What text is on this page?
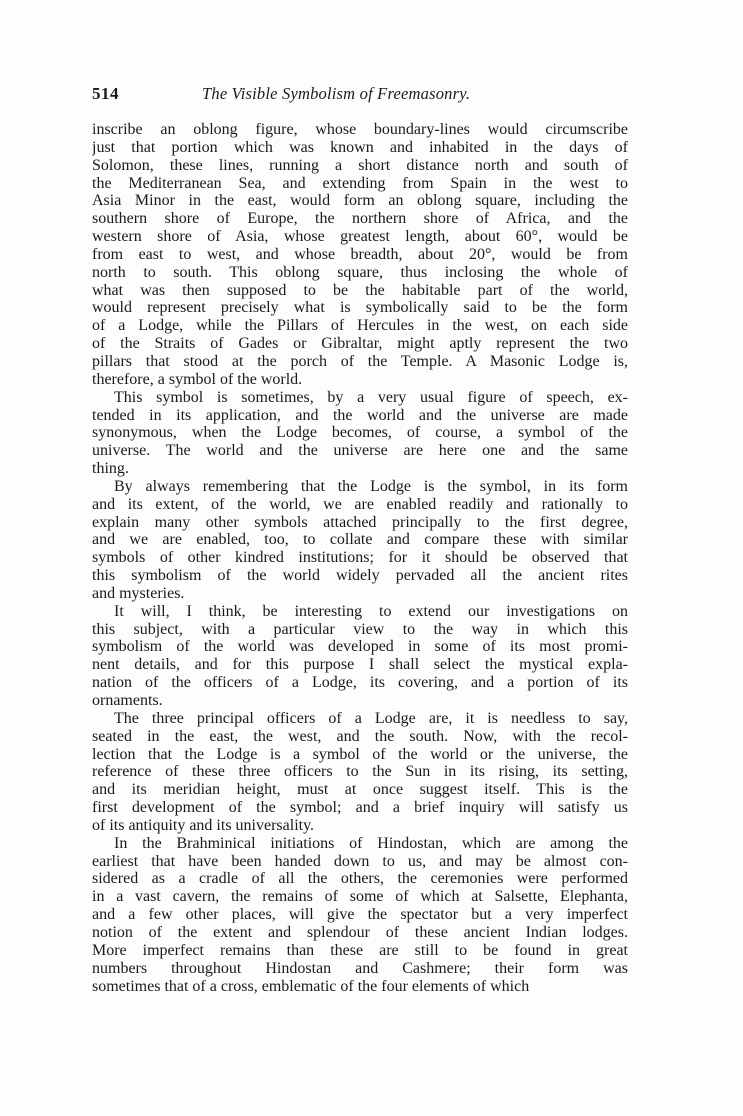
514	The Visible Symbolism of Freemasonry.
inscribe an oblong figure, whose boundary-lines would circumscribe
just that portion which was known and inhabited in the days of
Solomon, these lines, running a short distance north and south of
the Mediterranean Sea, and extending from Spain in the west to
Asia Minor in the east, would form an oblong square, including the
southern shore of Europe, the northern shore of Africa, and the
western shore of Asia, whose greatest length, about 60°, would be
from east to west, and whose breadth, about 20°, would be from
north to south. This oblong square, thus inclosing the whole of
what was then supposed to be the habitable part of the world,
would represent precisely what is symbolically said to be the form
of a Lodge, while the Pillars of Hercules in the west, on each side
of the Straits of Gades or Gibraltar, might aptly represent the two
pillars that stood at the porch of the Temple. A Masonic Lodge is,
therefore, a symbol of the world.
This symbol is sometimes, by a very usual figure of speech, ex-
tended in its application, and the world and the universe are made
synonymous, when the Lodge becomes, of course, a symbol of the
universe. The world and the universe are here one and the same
thing.
By always remembering that the Lodge is the symbol, in its form
and its extent, of the world, we are enabled readily and rationally to
explain many other symbols attached principally to the first degree,
and we are enabled, too, to collate and compare these with similar
symbols of other kindred institutions; for it should be observed that
this symbolism of the world widely pervaded all the ancient rites
and mysteries.
It will, I think, be interesting to extend our investigations on
this subject, with a particular view to the way in which this
symbolism of the world was developed in some of its most promi-
nent details, and for this purpose I shall select the mystical expla-
nation of the officers of a Lodge, its covering, and a portion of its
ornaments.
The three principal officers of a Lodge are, it is needless to say,
seated in the east, the west, and the south. Now, with the recol-
lection that the Lodge is a symbol of the world or the universe, the
reference of these three officers to the Sun in its rising, its setting,
and its meridian height, must at once suggest itself. This is the
first development of the symbol; and a brief inquiry will satisfy us
of its antiquity and its universality.
In the Brahminical initiations of Hindostan, which are among the
earliest that have been handed down to us, and may be almost con-
sidered as a cradle of all the others, the ceremonies were performed
in a vast cavern, the remains of some of which at Salsette, Elephanta,
and a few other places, will give the spectator but a very imperfect
notion of the extent and splendour of these ancient Indian lodges.
More imperfect remains than these are still to be found in great
numbers throughout Hindostan and Cashmere; their form was
sometimes that of a cross, emblematic of the four elements of which
